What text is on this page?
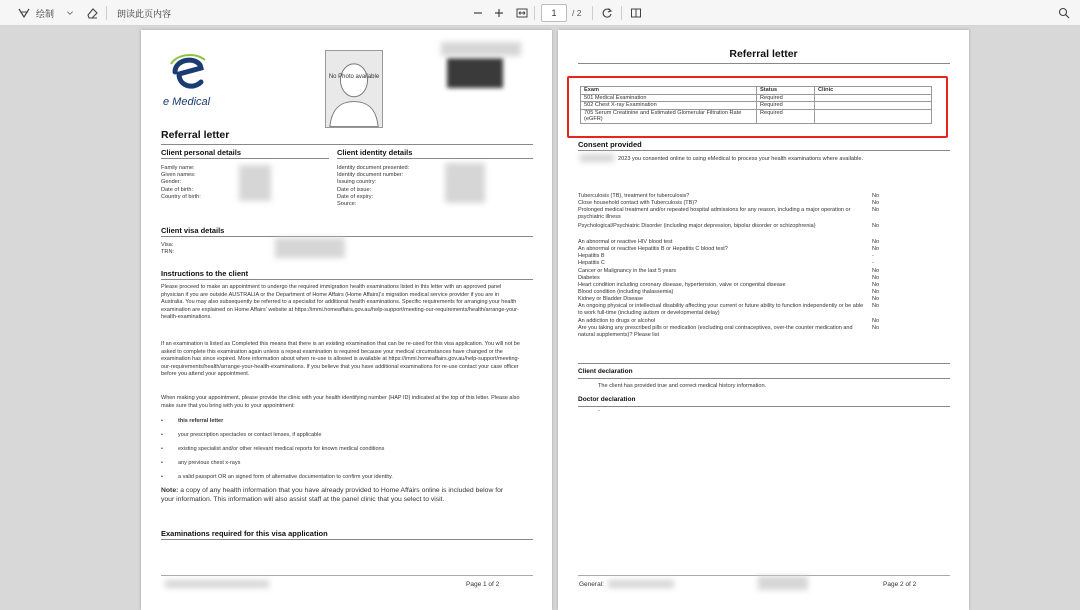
绘制	朗读此页内容	1	/ 2
e Medical
No Photo available
Referral letter
Client personal details
Family name:
Given names:
Gender:
Date of birth:
Country of birth:
Client identity details
Identity document presented:
Identity document number:
Issuing country:
Date of issue:
Date of expiry:
Source:
Client visa details
Visa:
TRN:
Instructions to the client
Please proceed to make an appointment to undergo the required immigration health examinations listed in this letter with an approved panel physician if you are outside AUSTRALIA or the Department of Home Affairs (Home Affairs)'s migration medical service provider if you are in Australia. You may also subsequently be referred to a specialist for additional health examinations. Specific requirements for arranging your health examination are explained on Home Affairs' website at https://immi.homeaffairs.gov.au/help-support/meeting-our-requirements/health/arrange-your-health-examinations.
If an examination is listed as Completed this means that there is an existing examination that can be re-used for this visa application. You will not be asked to complete this examination again unless a repeat examination is required because your medical circumstances have changed or the examination has since expired. More information about when re-use is allowed is available at https://immi.homeaffairs.gov.au/help-support/meeting-our-requirements/health/arrange-your-health-examinations. If you believe that you have additional examinations for re-use contact your case officer before you attend your appointment.
When making your appointment, please provide the clinic with your health identifying number (HAP ID) indicated at the top of this letter. Please also make sure that you bring with you to your appointment:
•	this referral letter
•	your prescription spectacles or contact lenses, if applicable
•	existing specialist and/or other relevant medical reports for known medical conditions
•	any previous chest x-rays
•	a valid passport OR an signed form of alternative documentation to confirm your identity.
Note: a copy of any health information that you have already provided to Home Affairs online is included below for your information. This information will also assist staff at the panel clinic that you select to visit.
Examinations required for this visa application
Page 1 of 2
Referral letter
Exam	Status	Clinic
501 Medical Examination	Required	
502 Chest X-ray Examination	Required	
705 Serum Creatinine and Estimated Glomerular Filtration Rate (eGFR)	Required	
Consent provided
2023 you consented online to using eMedical to process your health examinations where available.
Tuberculosis (TB), treatment for tuberculosis?	No
Close household contact with Tuberculosis (TB)?	No
Prolonged medical treatment and/or repeated hospital admissions for any reason, including a major operation or psychiatric illness
No
Psychological/Psychiatric Disorder (including major depression, bipolar disorder or schizophrenia)	No
An abnormal or reactive HIV blood test	No
An abnormal or reactive Hepatitis B or Hepatitis C blood test?	No
Hepatitis B	-
Hepatitis C	-
Cancer or Malignancy in the last 5 years	No
Diabetes	No
Heart condition including coronary disease, hypertension, valve or congenital disease	No
Blood condition (including thalassemia)	No
Kidney or Bladder Disease	No
An ongoing physical or intellectual disability affecting your current or future ability to function independently or be able to work full-time (including autism or developmental delay)
No
An addiction to drugs or alcohol	No
Are you taking any prescribed pills or medication (excluding oral contraceptives, over-the counter medication and natural supplements)? Please list
No
Client declaration
The client has provided true and correct medical history information.
Doctor declaration
-
General:	Page 2 of 2
